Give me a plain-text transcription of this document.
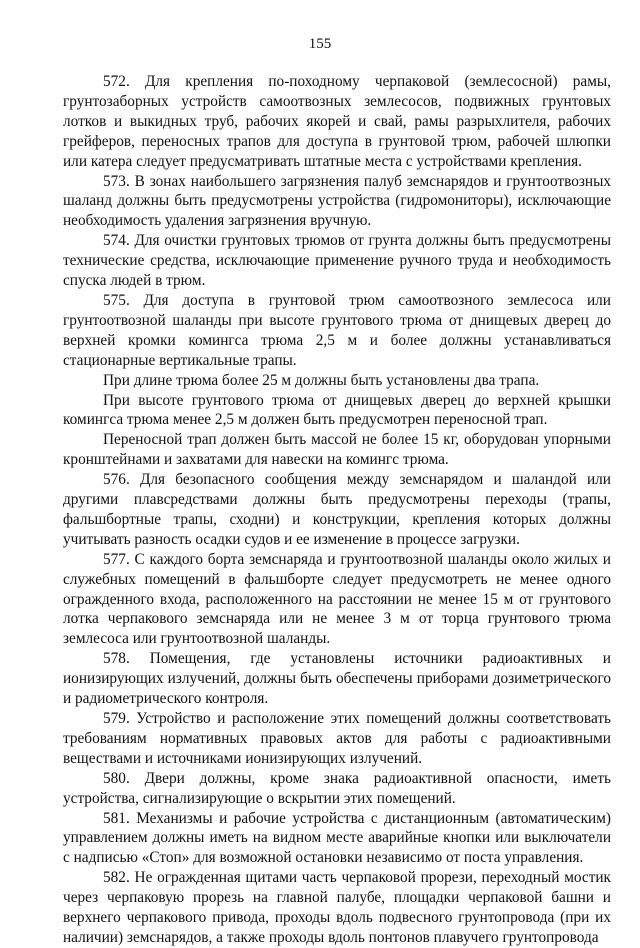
155

572. Для крепления по-походному черпаковой (землесосной) рамы, грунтозаборных устройств самоотвозных землесосов, подвижных грунтовых лотков и выкидных труб, рабочих якорей и свай, рамы разрыхлителя, рабочих грейферов, переносных трапов для доступа в грунтовой трюм, рабочей шлюпки или катера следует предусматривать штатные места с устройствами крепления.

573. В зонах наибольшего загрязнения палуб земснарядов и грунтоотвозных шаланд должны быть предусмотрены устройства (гидромониторы), исключающие необходимость удаления загрязнения вручную.

574. Для очистки грунтовых трюмов от грунта должны быть предусмотрены технические средства, исключающие применение ручного труда и необходимость спуска людей в трюм.

575. Для доступа в грунтовой трюм самоотвозного землесоса или грунтоотвозной шаланды при высоте грунтового трюма от днищевых дверец до верхней кромки комингса трюма 2,5 м и более должны устанавливаться стационарные вертикальные трапы.

При длине трюма более 25 м должны быть установлены два трапа.

При высоте грунтового трюма от днищевых дверец до верхней крышки комингса трюма менее 2,5 м должен быть предусмотрен переносной трап.

Переносной трап должен быть массой не более 15 кг, оборудован упорными кронштейнами и захватами для навески на комингс трюма.

576. Для безопасного сообщения между земснарядом и шаландой или другими плавсредствами должны быть предусмотрены переходы (трапы, фальшбортные трапы, сходни) и конструкции, крепления которых должны учитывать разность осадки судов и ее изменение в процессе загрузки.

577. С каждого борта земснаряда и грунтоотвозной шаланды около жилых и служебных помещений в фальшборте следует предусмотреть не менее одного огражденного входа, расположенного на расстоянии не менее 15 м от грунтового лотка черпакового земснаряда или не менее 3 м от торца грунтового трюма землесоса или грунтоотвозной шаланды.

578. Помещения, где установлены источники радиоактивных и ионизирующих излучений, должны быть обеспечены приборами дозиметрического и радиометрического контроля.

579. Устройство и расположение этих помещений должны соответствовать требованиям нормативных правовых актов для работы с радиоактивными веществами и источниками ионизирующих излучений.

580. Двери должны, кроме знака радиоактивной опасности, иметь устройства, сигнализирующие о вскрытии этих помещений.

581. Механизмы и рабочие устройства с дистанционным (автоматическим) управлением должны иметь на видном месте аварийные кнопки или выключатели с надписью «Стоп» для возможной остановки независимо от поста управления.

582. Не огражденная щитами часть черпаковой прорези, переходный мостик через черпаковую прорезь на главной палубе, площадки черпаковой башни и верхнего черпакового привода, проходы вдоль подвесного грунтопровода (при их наличии) земснарядов, а также проходы вдоль понтонов плавучего грунтопровода
